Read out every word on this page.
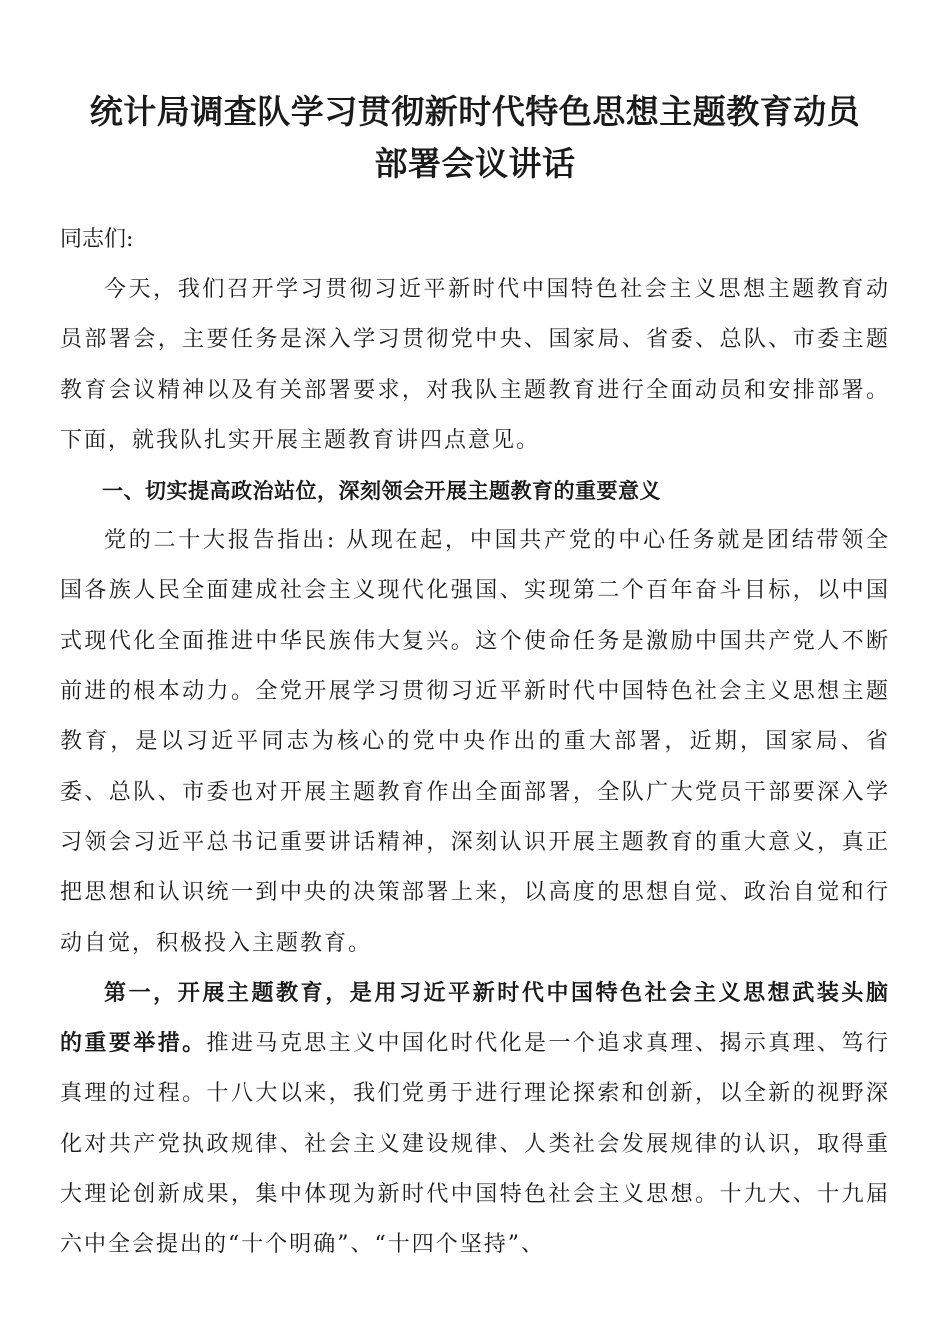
统计局调查队学习贯彻新时代特色思想主题教育动员
部署会议讲话

同志们:

今天，我们召开学习贯彻习近平新时代中国特色社会主义思想主题教育动员部署会，主要任务是深入学习贯彻党中央、国家局、省委、总队、市委主题教育会议精神以及有关部署要求，对我队主题教育进行全面动员和安排部署。下面，就我队扎实开展主题教育讲四点意见。

一、切实提高政治站位，深刻领会开展主题教育的重要意义

党的二十大报告指出: 从现在起，中国共产党的中心任务就是团结带领全国各族人民全面建成社会主义现代化强国、实现第二个百年奋斗目标，以中国式现代化全面推进中华民族伟大复兴。这个使命任务是激励中国共产党人不断前进的根本动力。全党开展学习贯彻习近平新时代中国特色社会主义思想主题教育，是以习近平同志为核心的党中央作出的重大部署，近期，国家局、省委、总队、市委也对开展主题教育作出全面部署，全队广大党员干部要深入学习领会习近平总书记重要讲话精神，深刻认识开展主题教育的重大意义，真正把思想和认识统一到中央的决策部署上来，以高度的思想自觉、政治自觉和行动自觉，积极投入主题教育。

第一，开展主题教育，是用习近平新时代中国特色社会主义思想武装头脑的重要举措。推进马克思主义中国化时代化是一个追求真理、揭示真理、笃行真理的过程。十八大以来，我们党勇于进行理论探索和创新，以全新的视野深化对共产党执政规律、社会主义建设规律、人类社会发展规律的认识，取得重大理论创新成果，集中体现为新时代中国特色社会主义思想。十九大、十九届六中全会提出的“十个明确”、“十四个坚持”、
